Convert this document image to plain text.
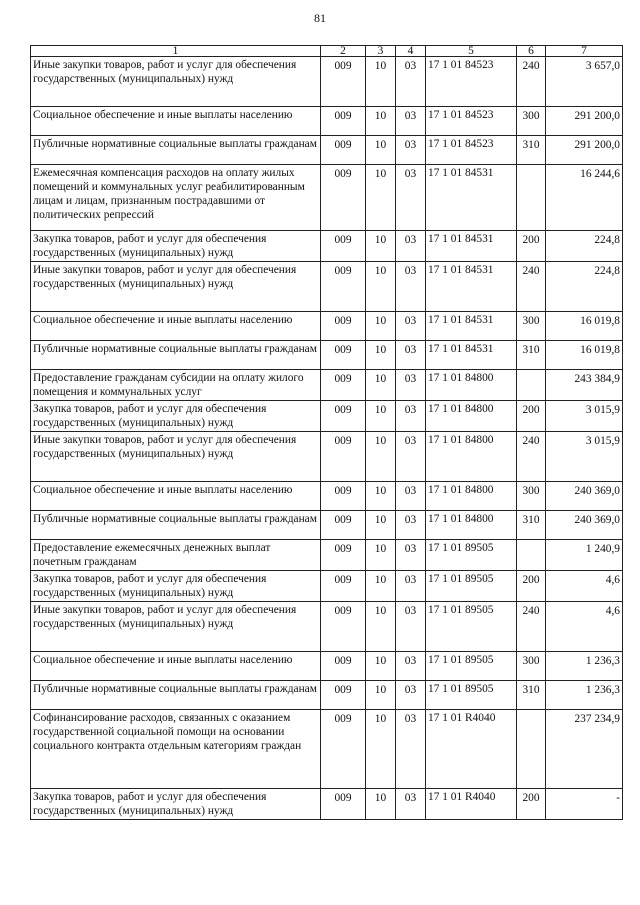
81
1	2	3	4	5	6	7
Иные закупки товаров, работ и услуг для обеспечения государственных (муниципальных) нужд	009	10	03	17 1 01 84523	240	3 657,0
Социальное обеспечение и иные выплаты населению	009	10	03	17 1 01 84523	300	291 200,0
Публичные нормативные социальные выплаты гражданам	009	10	03	17 1 01 84523	310	291 200,0
Ежемесячная компенсация расходов на оплату жилых помещений и коммунальных услуг реабилитированным лицам и лицам, признанным пострадавшими от политических репрессий	009	10	03	17 1 01 84531		16 244,6
Закупка товаров, работ и услуг для обеспечения государственных (муниципальных) нужд	009	10	03	17 1 01 84531	200	224,8
Иные закупки товаров, работ и услуг для обеспечения государственных (муниципальных) нужд	009	10	03	17 1 01 84531	240	224,8
Социальное обеспечение и иные выплаты населению	009	10	03	17 1 01 84531	300	16 019,8
Публичные нормативные социальные выплаты гражданам	009	10	03	17 1 01 84531	310	16 019,8
Предоставление гражданам субсидии на оплату жилого помещения и коммунальных услуг	009	10	03	17 1 01 84800		243 384,9
Закупка товаров, работ и услуг для обеспечения государственных (муниципальных) нужд	009	10	03	17 1 01 84800	200	3 015,9
Иные закупки товаров, работ и услуг для обеспечения государственных (муниципальных) нужд	009	10	03	17 1 01 84800	240	3 015,9
Социальное обеспечение и иные выплаты населению	009	10	03	17 1 01 84800	300	240 369,0
Публичные нормативные социальные выплаты гражданам	009	10	03	17 1 01 84800	310	240 369,0
Предоставление ежемесячных денежных выплат почетным гражданам	009	10	03	17 1 01 89505		1 240,9
Закупка товаров, работ и услуг для обеспечения государственных (муниципальных) нужд	009	10	03	17 1 01 89505	200	4,6
Иные закупки товаров, работ и услуг для обеспечения государственных (муниципальных) нужд	009	10	03	17 1 01 89505	240	4,6
Социальное обеспечение и иные выплаты населению	009	10	03	17 1 01 89505	300	1 236,3
Публичные нормативные социальные выплаты гражданам	009	10	03	17 1 01 89505	310	1 236,3
Софинансирование расходов, связанных с оказанием государственной социальной помощи на основании социального контракта отдельным категориям граждан	009	10	03	17 1 01 R4040		237 234,9
Закупка товаров, работ и услуг для обеспечения государственных (муниципальных) нужд	009	10	03	17 1 01 R4040	200	-
